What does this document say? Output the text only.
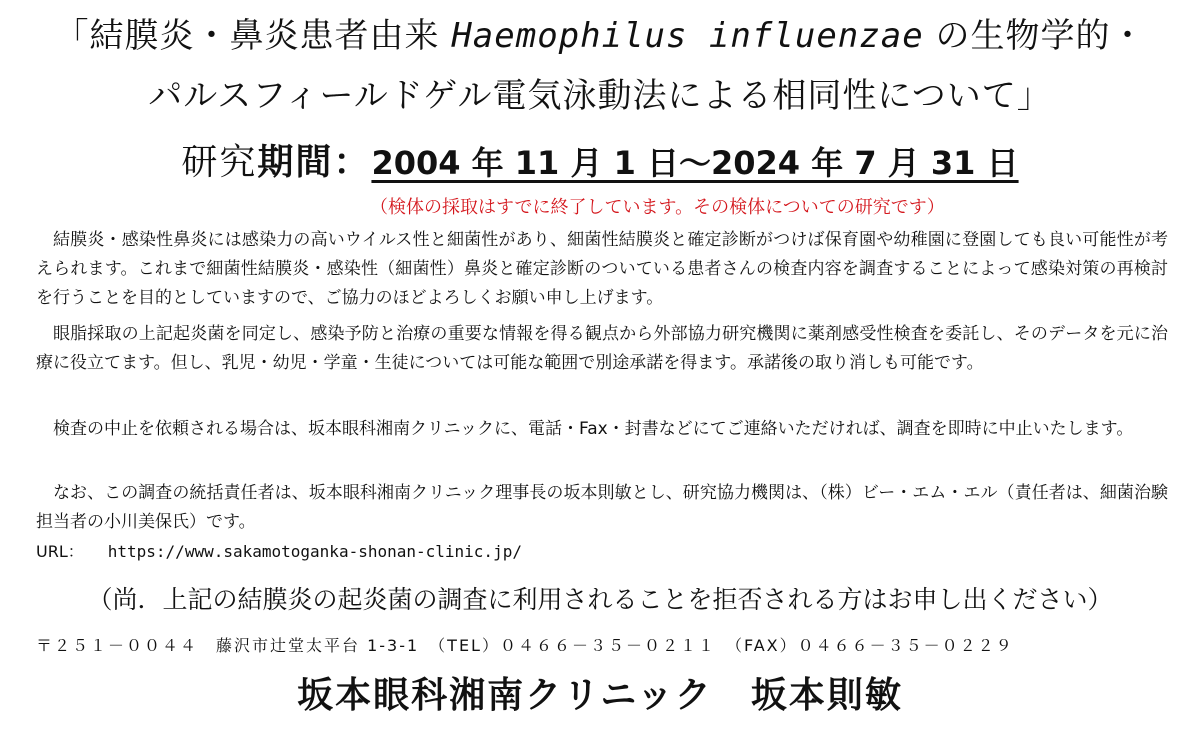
「結膜炎・鼻炎患者由来 Haemophilus influenzae の生物学的・
パルスフィールドゲル電気泳動法による相同性について」
研究期間：2004 年 11 月 1 日～2024 年 7 月 31 日
（検体の採取はすでに終了しています。その検体についての研究です）

結膜炎・感染性鼻炎には感染力の高いウイルス性と細菌性があり、細菌性結膜炎と確定診断がつけば保育園や幼稚園に登園しても良い可能性が考えられます。これまで細菌性結膜炎・感染性（細菌性）鼻炎と確定診断のついている患者さんの検査内容を調査することによって感染対策の再検討を行うことを目的としていますので、ご協力のほどよろしくお願い申し上げます。

眼脂採取の上記起炎菌を同定し、感染予防と治療の重要な情報を得る観点から外部協力研究機関に薬剤感受性検査を委託し、そのデータを元に治療に役立てます。但し、乳児・幼児・学童・生徒については可能な範囲で別途承諾を得ます。承諾後の取り消しも可能です。

検査の中止を依頼される場合は、坂本眼科湘南クリニックに、電話・Fax・封書などにてご連絡いただければ、調査を即時に中止いたします。

なお、この調査の統括責任者は、坂本眼科湘南クリニック理事長の坂本則敏とし、研究協力機関は、（株）ビー・エム・エル（責任者は、細菌治験担当者の小川美保氏）です。

URL： https://www.sakamotoganka-shonan-clinic.jp/
（尚．上記の結膜炎の起炎菌の調査に利用されることを拒否される方はお申し出ください）
〒２５１－００４４　藤沢市辻堂太平台 1-3-1　（TEL）０４６６－３５－０２１１　（FAX）０４６６－３５－０２２９
坂本眼科湘南クリニック　坂本則敏
